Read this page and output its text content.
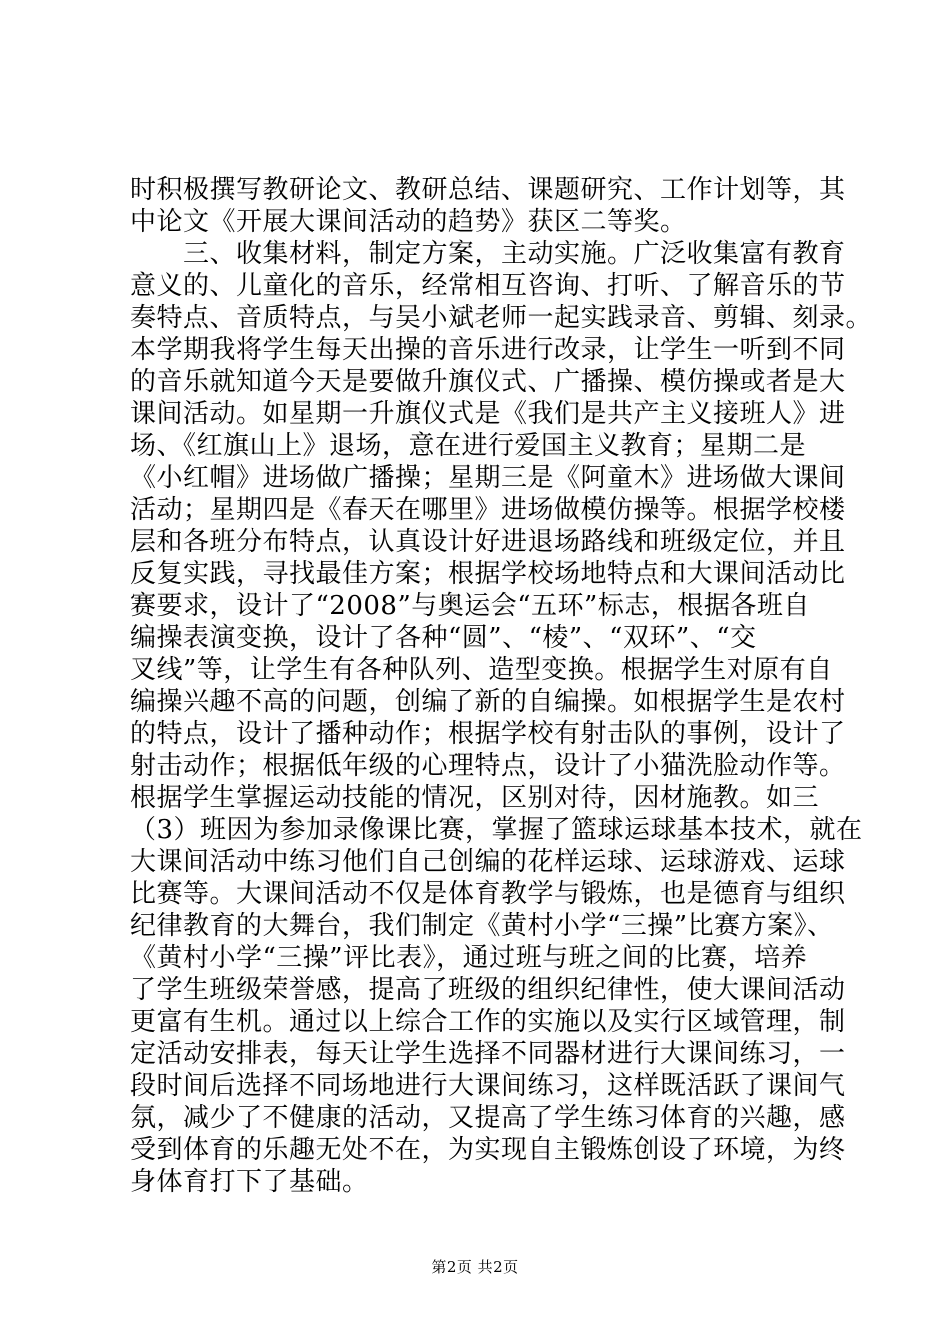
时积极撰写教研论文、教研总结、课题研究、工作计划等，其
中论文《开展大课间活动的趋势》获区二等奖。
　　三、收集材料，制定方案，主动实施。广泛收集富有教育
意义的、儿童化的音乐，经常相互咨询、打听、了解音乐的节
奏特点、音质特点，与吴小斌老师一起实践录音、剪辑、刻录。
本学期我将学生每天出操的音乐进行改录，让学生一听到不同
的音乐就知道今天是要做升旗仪式、广播操、模仿操或者是大
课间活动。如星期一升旗仪式是《我们是共产主义接班人》进
场、《红旗山上》退场，意在进行爱国主义教育；星期二是
《小红帽》进场做广播操；星期三是《阿童木》进场做大课间
活动；星期四是《春天在哪里》进场做模仿操等。根据学校楼
层和各班分布特点，认真设计好进退场路线和班级定位，并且
反复实践，寻找最佳方案；根据学校场地特点和大课间活动比
赛要求，设计了“2008”与奥运会“五环”标志，根据各班自
编操表演变换，设计了各种“圆”、“棱”、“双环”、“交
叉线”等，让学生有各种队列、造型变换。根据学生对原有自
编操兴趣不高的问题，创编了新的自编操。如根据学生是农村
的特点，设计了播种动作；根据学校有射击队的事例，设计了
射击动作；根据低年级的心理特点，设计了小猫洗脸动作等。
根据学生掌握运动技能的情况，区别对待，因材施教。如三
（3）班因为参加录像课比赛，掌握了篮球运球基本技术，就在
大课间活动中练习他们自己创编的花样运球、运球游戏、运球
比赛等。大课间活动不仅是体育教学与锻炼，也是德育与组织
纪律教育的大舞台，我们制定《黄村小学“三操”比赛方案》、
《黄村小学“三操”评比表》，通过班与班之间的比赛，培养
了学生班级荣誉感，提高了班级的组织纪律性，使大课间活动
更富有生机。通过以上综合工作的实施以及实行区域管理，制
定活动安排表，每天让学生选择不同器材进行大课间练习，一
段时间后选择不同场地进行大课间练习，这样既活跃了课间气
氛，减少了不健康的活动，又提高了学生练习体育的兴趣，感
受到体育的乐趣无处不在，为实现自主锻炼创设了环境，为终
身体育打下了基础。
第2页 共2页
